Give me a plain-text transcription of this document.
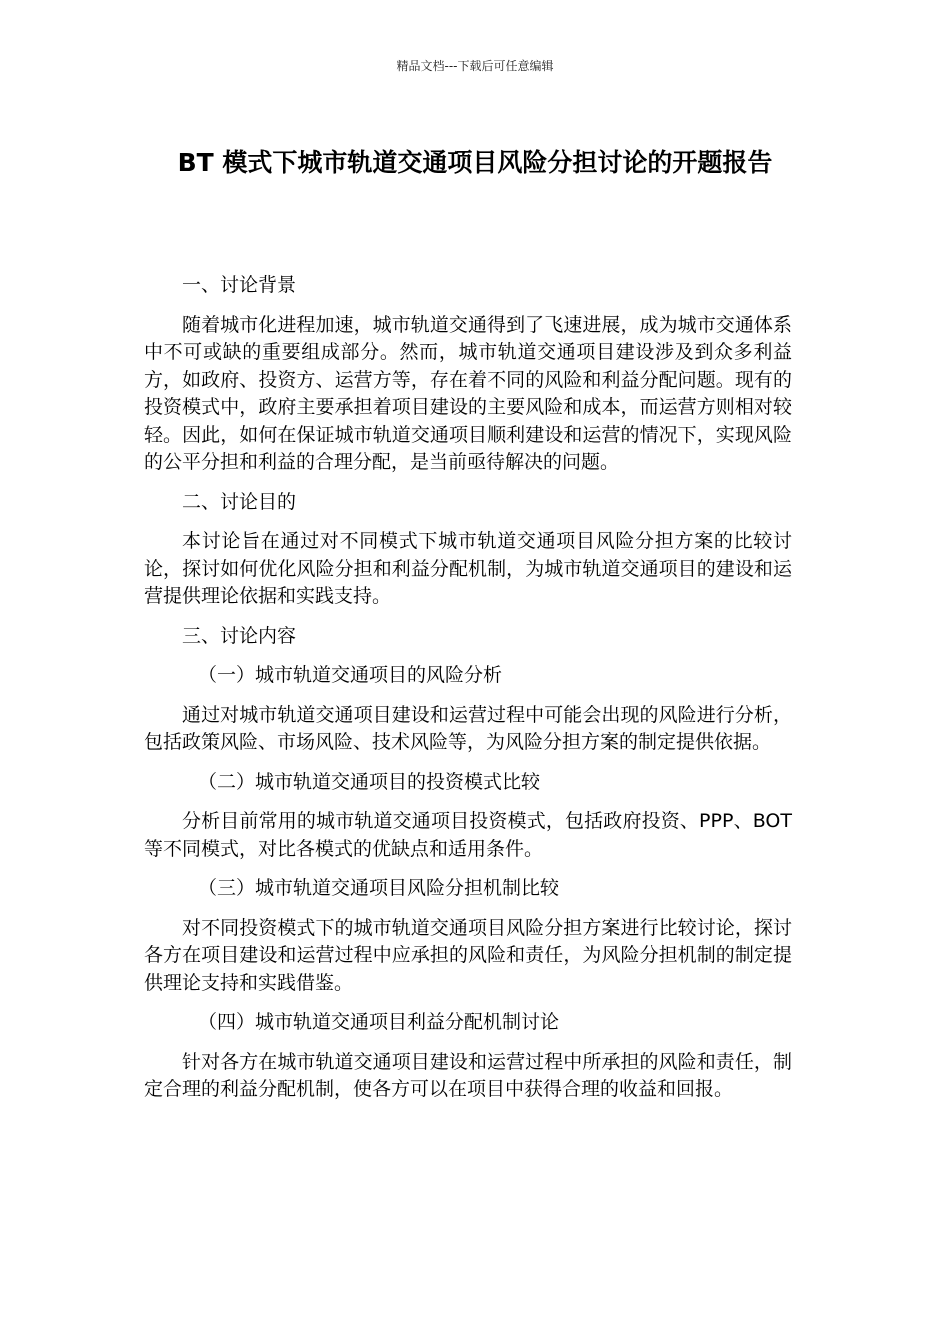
精品文档---下载后可任意编辑
BT 模式下城市轨道交通项目风险分担讨论的开题报告

一、讨论背景

随着城市化进程加速，城市轨道交通得到了飞速进展，成为城市交通体系中不可或缺的重要组成部分。然而，城市轨道交通项目建设涉及到众多利益方，如政府、投资方、运营方等，存在着不同的风险和利益分配问题。现有的投资模式中，政府主要承担着项目建设的主要风险和成本，而运营方则相对较轻。因此，如何在保证城市轨道交通项目顺利建设和运营的情况下，实现风险的公平分担和利益的合理分配，是当前亟待解决的问题。

二、讨论目的

本讨论旨在通过对不同模式下城市轨道交通项目风险分担方案的比较讨论，探讨如何优化风险分担和利益分配机制，为城市轨道交通项目的建设和运营提供理论依据和实践支持。

三、讨论内容

（一）城市轨道交通项目的风险分析

通过对城市轨道交通项目建设和运营过程中可能会出现的风险进行分析，包括政策风险、市场风险、技术风险等，为风险分担方案的制定提供依据。

（二）城市轨道交通项目的投资模式比较

分析目前常用的城市轨道交通项目投资模式，包括政府投资、PPP、BOT 等不同模式，对比各模式的优缺点和适用条件。

（三）城市轨道交通项目风险分担机制比较

对不同投资模式下的城市轨道交通项目风险分担方案进行比较讨论，探讨各方在项目建设和运营过程中应承担的风险和责任，为风险分担机制的制定提供理论支持和实践借鉴。

（四）城市轨道交通项目利益分配机制讨论

针对各方在城市轨道交通项目建设和运营过程中所承担的风险和责任，制定合理的利益分配机制，使各方可以在项目中获得合理的收益和回报。
